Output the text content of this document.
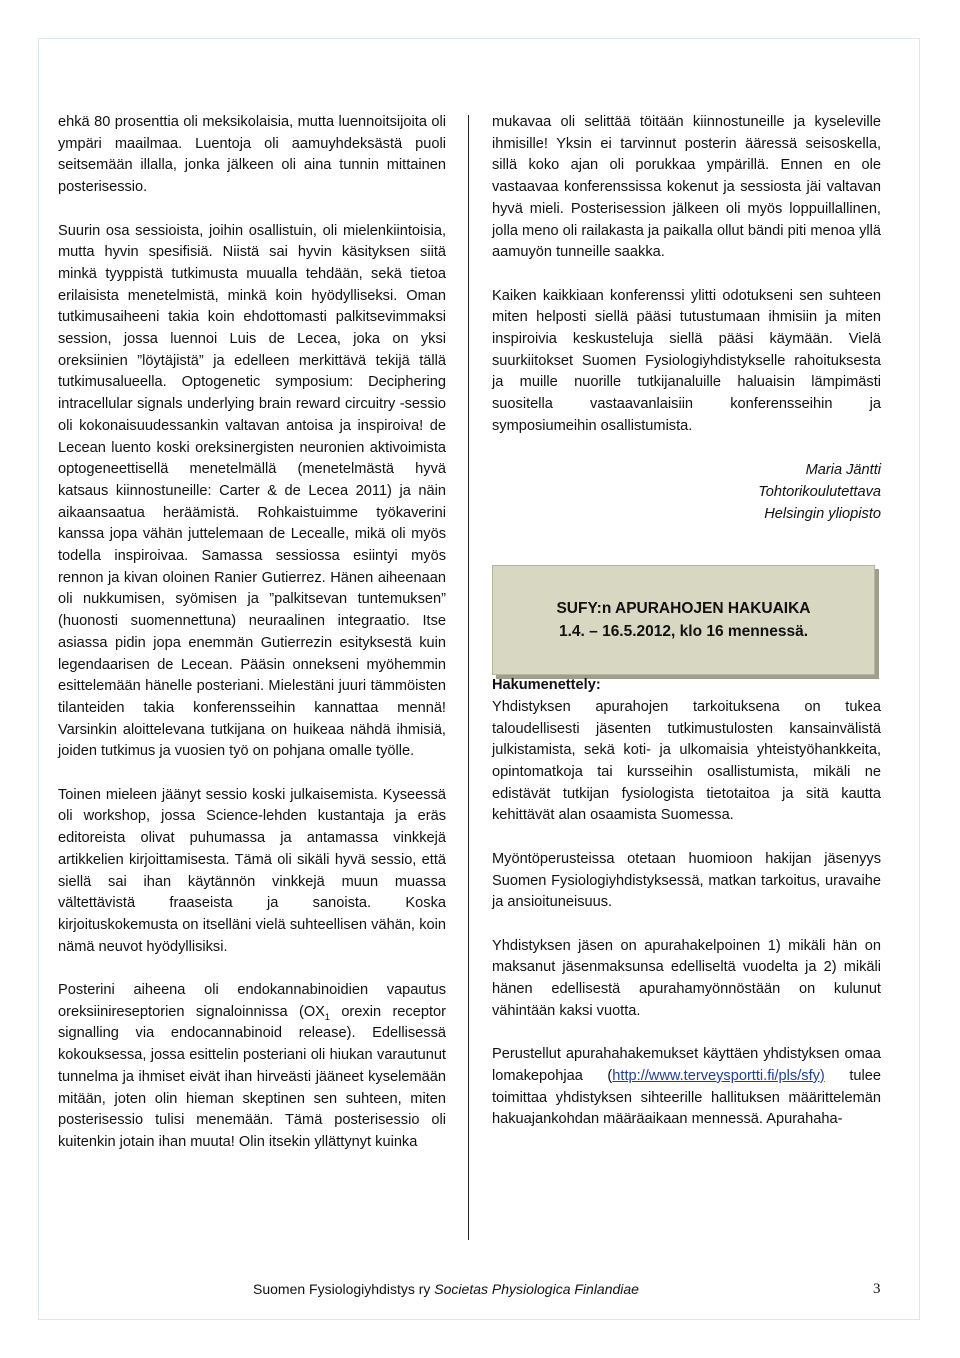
ehkä 80 prosenttia oli meksikolaisia, mutta luennoitsijoita oli ympäri maailmaa. Luentoja oli aamuyhdeksästä puoli seitsemään illalla, jonka jälkeen oli aina tunnin mittainen posterisessio.

Suurin osa sessioista, joihin osallistuin, oli mielenkiintoisia, mutta hyvin spesifisiä. Niistä sai hyvin käsityksen siitä minkä tyyppistä tutkimusta muualla tehdään, sekä tietoa erilaisista menetelmistä, minkä koin hyödylliseksi. Oman tutkimusaiheeni takia koin ehdottomasti palkitsevimmaksi session, jossa luennoi Luis de Lecea, joka on yksi oreksiinien ”löytäjistä” ja edelleen merkittävä tekijä tällä tutkimusalueella. Optogenetic symposium: Deciphering intracellular signals underlying brain reward circuitry -sessio oli kokonaisuudessankin valtavan antoisa ja inspiroiva! de Lecean luento koski oreksinergisten neuronien aktivoimista optogeneettisellä menetelmällä (menetelmästä hyvä katsaus kiinnostuneille: Carter & de Lecea 2011) ja näin aikaansaatua heräämistä. Rohkaistuimme työkaverini kanssa jopa vähän juttelemaan de Lecealle, mikä oli myös todella inspiroivaa. Samassa sessiossa esiintyi myös rennon ja kivan oloinen Ranier Gutierrez. Hänen aiheenaan oli nukkumisen, syömisen ja ”palkitsevan tuntemuksen” (huonosti suomennettuna) neuraalinen integraatio. Itse asiassa pidin jopa enemmän Gutierrezin esityksestä kuin legendaarisen de Lecean. Pääsin onnekseni myöhemmin esittelemään hänelle posteriani. Mielestäni juuri tämmöisten tilanteiden takia konferensseihin kannattaa mennä! Varsinkin aloittelevana tutkijana on huikeaa nähdä ihmisiä, joiden tutkimus ja vuosien työ on pohjana omalle työlle.

Toinen mieleen jäänyt sessio koski julkaisemista. Kyseessä oli workshop, jossa Science-lehden kustantaja ja eräs editoreista olivat puhumassa ja antamassa vinkkejä artikkelien kirjoittamisesta. Tämä oli sikäli hyvä sessio, että siellä sai ihan käytännön vinkkejä muun muassa vältettävistä fraaseista ja sanoista. Koska kirjoituskokemusta on itselläni vielä suhteellisen vähän, koin nämä neuvot hyödyllisiksi.

Posterini aiheena oli endokannabinoidien vapautus oreksiinireseptorien signaloinnissa ($OX_1$ orexin receptor signalling via endocannabinoid release). Edellisessä kokouksessa, jossa esittelin posteriani oli hiukan varautunut tunnelma ja ihmiset eivät ihan hirveästi jääneet kyselemään mitään, joten olin hieman skeptinen sen suhteen, miten posterisessio tulisi menemään. Tämä posterisessio oli kuitenkin jotain ihan muuta! Olin itsekin yllättynyt kuinka

mukavaa oli selittää töitään kiinnostuneille ja kyseleville ihmisille! Yksin ei tarvinnut posterin ääressä seisoskella, sillä koko ajan oli porukkaa ympärillä. Ennen en ole vastaavaa konferenssissa kokenut ja sessiosta jäi valtavan hyvä mieli. Posterisession jälkeen oli myös loppuillallinen, jolla meno oli railakasta ja paikalla ollut bändi piti menoa yllä aamuyön tunneille saakka.

Kaiken kaikkiaan konferenssi ylitti odotukseni sen suhteen miten helposti siellä pääsi tutustumaan ihmisiin ja miten inspiroivia keskusteluja siellä pääsi käymään. Vielä suurkiitokset Suomen Fysiologiyhdistykselle rahoituksesta ja muille nuorille tutkijanaluille haluaisin lämpimästi suositella vastaavanlaisiin konferensseihin ja symposiumeihin osallistumista.

Maria Jäntti
Tohtorikoulutettava
Helsingin yliopisto
SUFY:n APURAHOJEN HAKUAIKA
1.4. – 16.5.2012, klo 16 mennessä.

Hakumenettely:
Yhdistyksen apurahojen tarkoituksena on tukea taloudellisesti jäsenten tutkimustulosten kansainvälistä julkistamista, sekä koti- ja ulkomaisia yhteistyöhankkeita, opintomatkoja tai kursseihin osallistumista, mikäli ne edistävät tutkijan fysiologista tietotaitoa ja sitä kautta kehittävät alan osaamista Suomessa.

Myöntöperusteissa otetaan huomioon hakijan jäsenyys Suomen Fysiologiyhdistyksessä, matkan tarkoitus, uravaihe ja ansioituneisuus.

Yhdistyksen jäsen on apurahakelpoinen 1) mikäli hän on maksanut jäsenmaksunsa edelliseltä vuodelta ja 2) mikäli hänen edellisestä apurahamyönnöstään on kulunut vähintään kaksi vuotta.

Perustellut apurahahakemukset käyttäen yhdistyksen omaa lomakepohjaa (http://www.terveysportti.fi/pls/sfy) tulee toimittaa yhdistyksen sihteerille hallituksen määrittelemän hakuajankohdan määräaikaan mennessä. Apurahaha-

Suomen Fysiologiyhdistys ry Societas Physiologica Finlandiae	3
